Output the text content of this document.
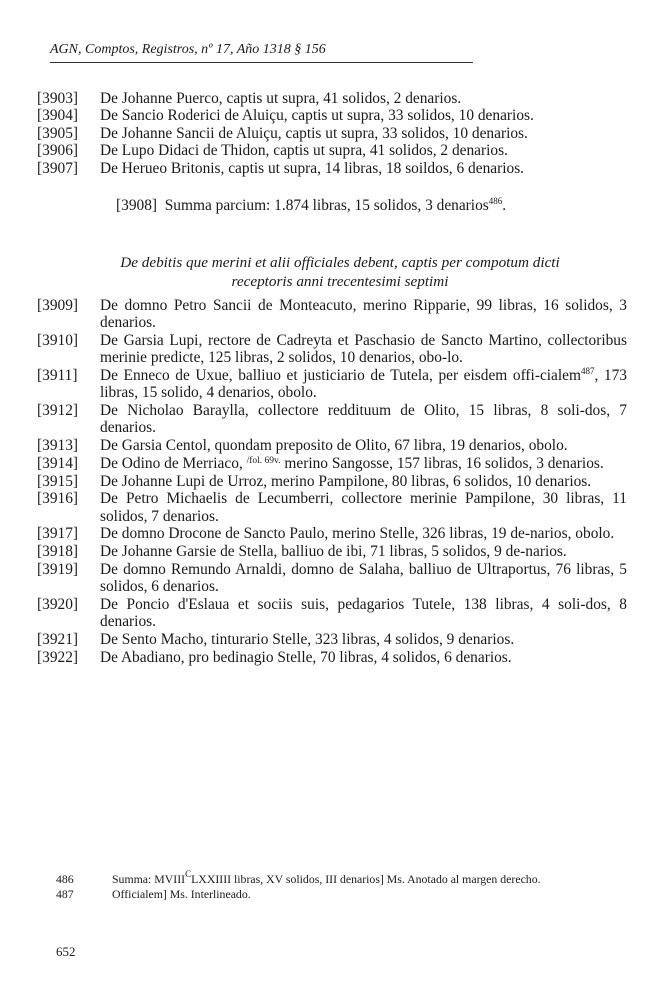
AGN, Comptos, Registros, nº 17, Año 1318 § 156
[3903]	De Johanne Puerco, captis ut supra, 41 solidos, 2 denarios.
[3904]	De Sancio Roderici de Aluiçu, captis ut supra, 33 solidos, 10 denarios.
[3905]	De Johanne Sancii de Aluiçu, captis ut supra, 33 solidos, 10 denarios.
[3906]	De Lupo Didaci de Thidon, captis ut supra, 41 solidos, 2 denarios.
[3907]	De Herueo Britonis, captis ut supra, 14 libras, 18 soildos, 6 denarios.
[3908] Summa parcium: 1.874 libras, 15 solidos, 3 denarios$^{486}$.
De debitis que merini et alii officiales debent, captis per compotum dicti
receptoris anni trecentesimi septimi
[3909]	De domno Petro Sancii de Monteacuto, merino Ripparie, 99 libras, 16 solidos, 3 denarios.
[3910]	De Garsia Lupi, rectore de Cadreyta et Paschasio de Sancto Martino, collectoribus merinie predicte, 125 libras, 2 solidos, 10 denarios, obo-lo.
[3911]	De Enneco de Uxue, balliuo et justiciario de Tutela, per eisdem offi-cialem$^{487}$, 173 libras, 15 solido, 4 denarios, obolo.
[3912]	De Nicholao Baraylla, collectore reddituum de Olito, 15 libras, 8 soli-dos, 7 denarios.
[3913]	De Garsia Centol, quondam preposito de Olito, 67 libra, 19 denarios, obolo.
[3914]	De Odino de Merriaco, $^{/fol. 69v.}$ merino Sangosse, 157 libras, 16 solidos, 3 denarios.
[3915]	De Johanne Lupi de Urroz, merino Pampilone, 80 libras, 6 solidos, 10 denarios.
[3916]	De Petro Michaelis de Lecumberri, collectore merinie Pampilone, 30 libras, 11 solidos, 7 denarios.
[3917]	De domno Drocone de Sancto Paulo, merino Stelle, 326 libras, 19 de-narios, obolo.
[3918]	De Johanne Garsie de Stella, balliuo de ibi, 71 libras, 5 solidos, 9 de-narios.
[3919]	De domno Remundo Arnaldi, domno de Salaha, balliuo de Ultraportus, 76 libras, 5 solidos, 6 denarios.
[3920]	De Poncio d'Eslaua et sociis suis, pedagarios Tutele, 138 libras, 4 soli-dos, 8 denarios.
[3921]	De Sento Macho, tinturario Stelle, 323 libras, 4 solidos, 9 denarios.
[3922]	De Abadiano, pro bedinagio Stelle, 70 libras, 4 solidos, 6 denarios.
486	Summa: $MVIII^CLXXIIII$ libras, XV solidos, III denarios] Ms. Anotado al margen derecho.
487	Officialem] Ms. Interlineado.
652
